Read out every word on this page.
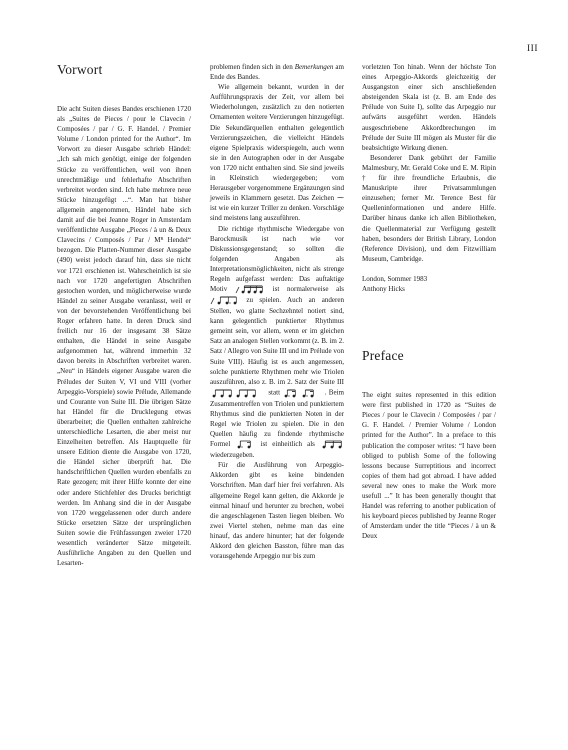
III
Vorwort

Die acht Suiten dieses Bandes erschienen 1720 als „Suites de Pieces / pour le Clavecin / Composées / par / G. F. Handel. / Premier Volume / London printed for the Author“. Im Vorwort zu dieser Ausgabe schrieb Händel: „Ich sah mich genötigt, einige der folgenden Stücke zu veröffentlichen, weil von ihnen unrechtmäßige und fehlerhafte Abschriften verbreitet worden sind. Ich habe mehrere neue Stücke hinzugefügt ...“. Man hat bisher allgemein angenommen, Händel habe sich damit auf die bei Jeanne Roger in Amsterdam veröffentlichte Ausgabe „Pieces / à un & Deux Clavecins / Composés / Par / Mᴿ Hendel“ bezogen. Die Platten-Nummer dieser Ausgabe (490) weist jedoch darauf hin, dass sie nicht vor 1721 erschienen ist. Wahrscheinlich ist sie nach vor 1720 angefertigten Abschriften gestochen worden, und möglicherweise wurde Händel zu seiner Ausgabe veranlasst, weil er von der bevorstehenden Veröffentlichung bei Roger erfahren hatte. In deren Druck sind freilich nur 16 der insgesamt 38 Sätze enthalten, die Händel in seine Ausgabe aufgenommen hat, während immerhin 32 davon bereits in Abschriften verbreitet waren. „Neu“ in Händels eigener Ausgabe waren die Préludes der Suiten V, VI und VIII (vorher Arpeggio-Vorspiele) sowie Prélude, Allemande und Courante von Suite III. Die übrigen Sätze hat Händel für die Drucklegung etwas überarbeitet; die Quellen enthalten zahlreiche unterschiedliche Lesarten, die aber meist nur Einzelheiten betreffen. Als Hauptquelle für unsere Edition diente die Ausgabe von 1720, die Händel sicher überprüft hat. Die handschriftlichen Quellen wurden ebenfalls zu Rate gezogen; mit ihrer Hilfe konnte der eine oder andere Stichfehler des Drucks berichtigt werden. Im Anhang sind die in der Ausgabe von 1720 weggelassenen oder durch andere Stücke ersetzten Sätze der ursprünglichen Suiten sowie die Frühfassungen zweier 1720 wesentlich veränderter Sätze mitgeteilt. Ausführliche Angaben zu den Quellen und Lesarten-

problemen finden sich in den Bemerkungen am Ende des Bandes.

Wie allgemein bekannt, wurden in der Aufführungspraxis der Zeit, vor allem bei Wiederholungen, zusätzlich zu den notierten Ornamenten weitere Verzierungen hinzugefügt. Die Sekundärquellen enthalten gelegentlich Verzierungszeichen, die vielleicht Händels eigene Spielpraxis widerspiegeln, auch wenn sie in den Autographen oder in der Ausgabe von 1720 nicht enthalten sind. Sie sind jeweils in Kleinstich wiedergegeben; vom Herausgeber vorgenommene Ergänzungen sind jeweils in Klammern gesetzt. Das Zeichen ⁓ ist wie ein kurzer Triller zu denken. Vorschläge sind meistens lang auszuführen.

Die richtige rhythmische Wiedergabe von Barockmusik ist nach wie vor Diskussionsgegenstand; so sollten die folgenden Angaben als Interpretationsmöglichkeiten, nicht als strenge Regeln aufgefasst werden: Das auftaktige Motiv	ist normalerweise als  zu spielen. Auch an anderen Stellen, wo glatte Sechzehntel notiert sind, kann gelegentlich punktierter Rhythmus gemeint sein, vor allem, wenn er im gleichen Satz an analogen Stellen vorkommt (z. B. im 2. Satz / Allegro von Suite III und im Prélude von Suite VIII). Häufig ist es auch angemessen, solche punktierte Rhythmen mehr wie Triolen auszuführen, also z. B. im 2. Satz der Suite III  statt	. Beim Zusammentreffen von Triolen und punktiertem Rhythmus sind die punktierten Noten in der Regel wie Triolen zu spielen. Die in den Quellen häufig zu findende rhythmische Formel	ist einheitlich als  wiederzugeben.

Für die Ausführung von Arpeggio-Akkorden gibt es keine bindenden Vorschriften. Man darf hier frei verfahren. Als allgemeine Regel kann gelten, die Akkorde je einmal hinauf und herunter zu brechen, wobei die angeschlagenen Tasten liegen bleiben. Wo zwei Viertel stehen, nehme man das eine hinauf, das andere hinunter; hat der folgende Akkord den gleichen Basston, führe man das vorausgehende Arpeggio nur bis zum

vorletzten Ton hinab. Wenn der höchste Ton eines Arpeggio-Akkords gleichzeitig der Ausgangston einer sich anschließenden absteigenden Skala ist (z. B. am Ende des Prélude von Suite I), sollte das Arpeggio nur aufwärts ausgeführt werden. Händels ausgeschriebene Akkordbrechungen im Prélude der Suite III mögen als Muster für die beabsichtigte Wirkung dienen.

Besonderer Dank gebührt der Familie Malmesbury, Mr. Gerald Coke und E. M. Ripin † für ihre freundliche Erlaubnis, die Manuskripte ihrer Privatsammlungen einzusehen; ferner Mr. Terence Best für Quelleninformationen und andere Hilfe. Darüber hinaus danke ich allen Bibliotheken, die Quellenmaterial zur Verfügung gestellt haben, besonders der British Library, London (Reference Division), und dem Fitzwilliam Museum, Cambridge.

London, Sommer 1983

Anthony Hicks

Preface

The eight suites represented in this edition were first published in 1720 as “Suites de Pieces / pour le Clavecin / Composées / par / G. F. Handel. / Premier Volume / London printed for the Author”. In a preface to this publication the composer writes: “I have been obliged to publish Some of the following lessons because Surreptitious and incorrect copies of them had got abroad. I have added several new ones to make the Work more usefull ...” It has been generally thought that Handel was referring to another publication of his keyboard pieces published by Jeanne Roger of Amsterdam under the title “Pieces / à un & Deux
